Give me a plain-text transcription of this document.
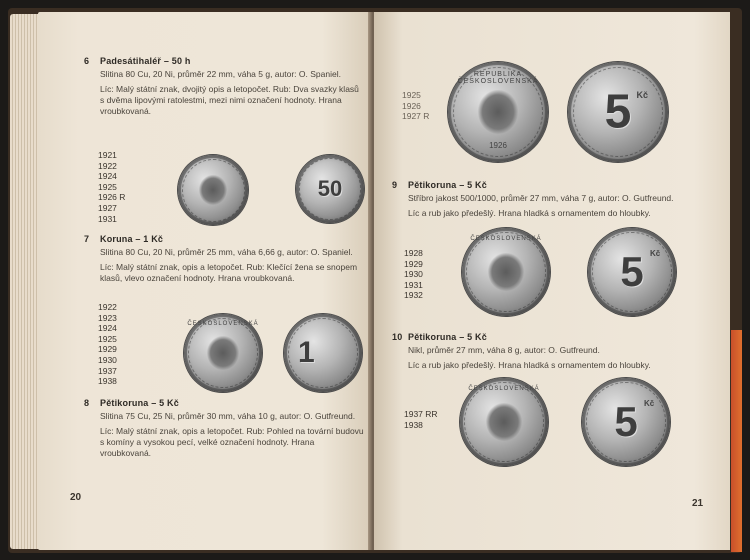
6 Padesátihaléř – 50 h
Slitina 80 Cu, 20 Ni, průměr 22 mm, váha 5 g, autor: O. Spaniel.
Líc: Malý státní znak, dvojitý opis a letopočet. Rub: Dva svazky klasů s dvěma lipovými ratolestmi, mezi nimi označení hodnoty. Hrana vroubkovaná.
1921
1922
1924
1925
1926 R
1927
1931
50
7 Koruna – 1 Kč
Slitina 80 Cu, 20 Ni, průměr 25 mm, váha 6,66 g, autor: O. Spaniel.
Líc: Malý státní znak, opis a letopočet. Rub: Klečící žena se snopem klasů, vlevo označení hodnoty. Hrana vroubkovaná.
1922
1923
1924
1925
1929
1930
1937
1938
ČESKOSLOVENSKÁ
1
8 Pětikoruna – 5 Kč
Slitina 75 Cu, 25 Ni, průměr 30 mm, váha 10 g, autor: O. Gutfreund.
Líc: Malý státní znak, opis a letopočet. Rub: Pohled na tovární budovu s komíny a vysokou pecí, velké označení hodnoty. Hrana vroubkovaná.
20
1925
1926
1927 R
REPUBLIKA ČESKOSLOVENSKÁ
1926
5 Kč
9 Pětikoruna – 5 Kč
Stříbro jakost 500/1000, průměr 27 mm, váha 7 g, autor: O. Gutfreund.
Líc a rub jako předešlý. Hrana hladká s ornamentem do hloubky.
1928
1929
1930
1931
1932
ČESKOSLOVENSKÁ
5 Kč
10 Pětikoruna – 5 Kč
Nikl, průměr 27 mm, váha 8 g, autor: O. Gutfreund.
Líc a rub jako předešlý. Hrana hladká s ornamentem do hloubky.
1937 RR
1938
ČESKOSLOVENSKÁ
5 Kč
21
